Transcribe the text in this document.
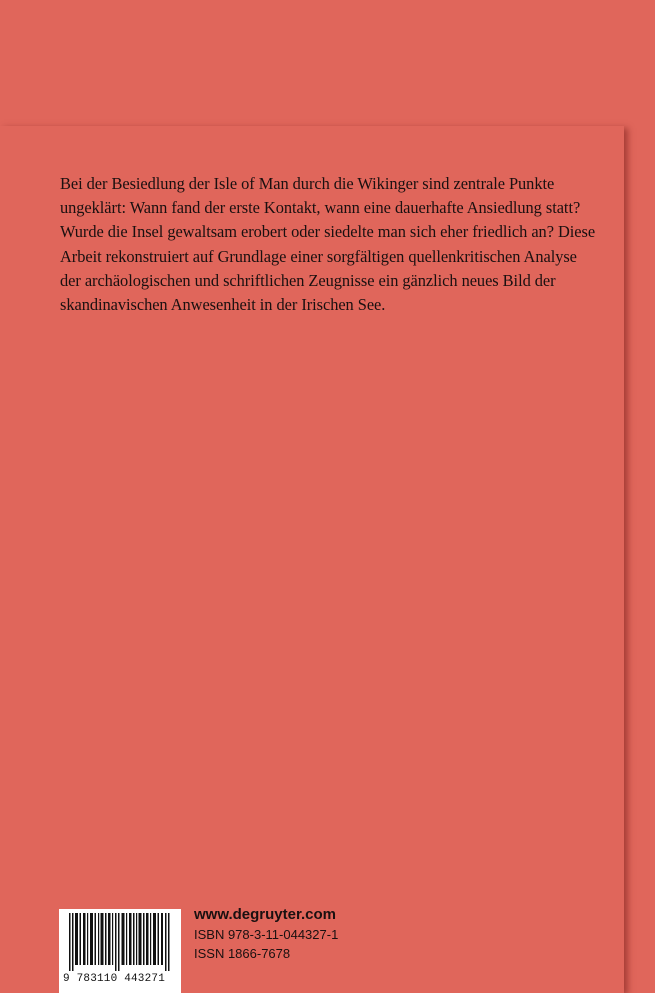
Bei der Besiedlung der Isle of Man durch die Wikinger sind zentrale Punkte ungeklärt: Wann fand der erste Kontakt, wann eine dauerhafte Ansiedlung statt? Wurde die Insel gewaltsam erobert oder siedelte man sich eher friedlich an? Diese Arbeit rekonstruiert auf Grundlage einer sorgfältigen quellenkritischen Analyse der archäologischen und schriftlichen Zeugnisse ein gänzlich neues Bild der skandinavischen Anwesenheit in der Irischen See.

9 783110 443271
www.degruyter.com
ISBN 978-3-11-044327-1
ISSN 1866-7678
